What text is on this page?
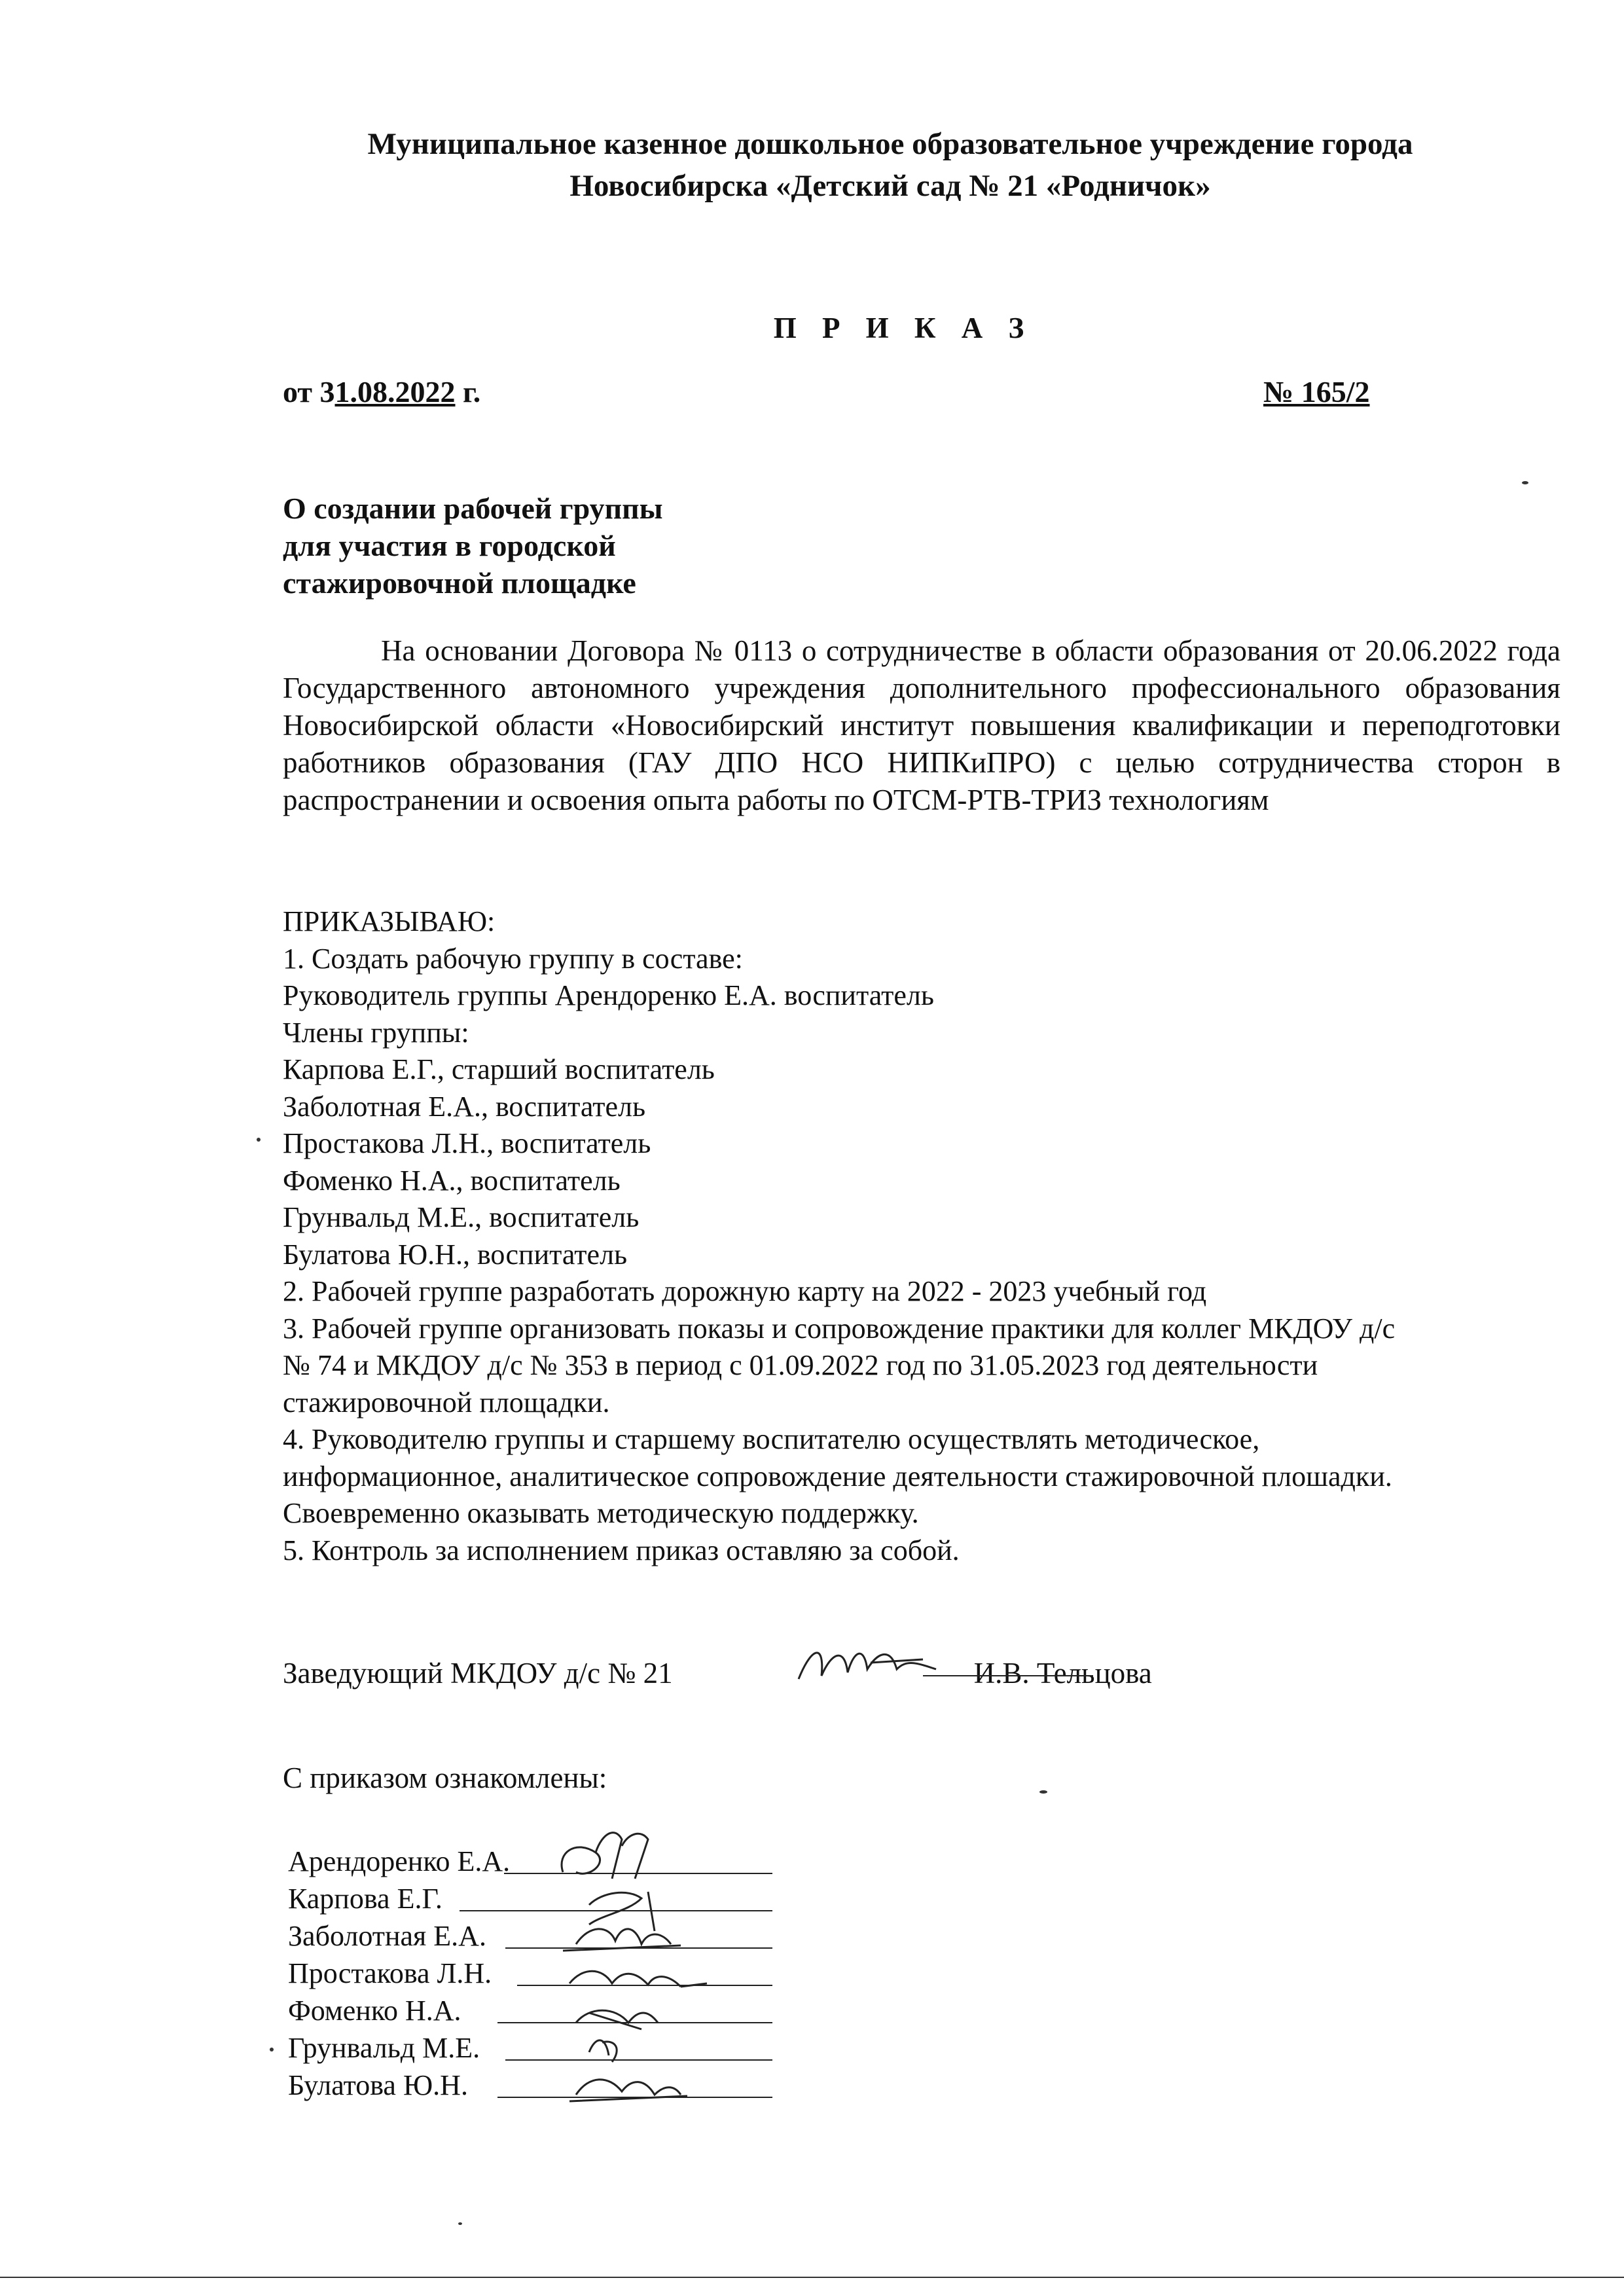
Муниципальное казенное дошкольное образовательное учреждение города
Новосибирска «Детский сад № 21 «Родничок»
П Р И К А З
от 31.08.2022 г.	№ 165/2
О создании рабочей группы
для участия в городской
стажировочной площадке
На основании Договора № 0113 о сотрудничестве в области образования от 20.06.2022 года Государственного автономного учреждения дополнительного профессионального образования Новосибирской области «Новосибирский институт повышения квалификации и переподготовки работников образования (ГАУ ДПО НСО НИПКиПРО) с целью сотрудничества сторон в распространении и освоения опыта работы по ОТСМ-РТВ-ТРИЗ технологиям
ПРИКАЗЫВАЮ:
1. Создать рабочую группу в составе:
Руководитель группы Арендоренко Е.А. воспитатель
Члены группы:
Карпова Е.Г., старший воспитатель
Заболотная Е.А., воспитатель
Простакова Л.Н., воспитатель
Фоменко Н.А., воспитатель
Грунвальд М.Е., воспитатель
Булатова Ю.Н., воспитатель
2. Рабочей группе разработать дорожную карту на 2022 - 2023 учебный год
3. Рабочей группе организовать показы и сопровождение практики для коллег МКДОУ д/с
№ 74 и МКДОУ д/с № 353 в период с 01.09.2022 год по 31.05.2023 год деятельности
стажировочной площадки.
4. Руководителю группы и старшему воспитателю осуществлять методическое,
информационное, аналитическое сопровождение деятельности стажировочной плошадки.
Своевременно оказывать методическую поддержку.
5. Контроль за исполнением приказ оставляю за собой.
Заведующий МКДОУ д/с № 21	И.В. Тельцова
С приказом ознакомлены:
Арендоренко Е.А.
Карпова Е.Г.
Заболотная Е.А.
Простакова Л.Н.
Фоменко Н.А.
Грунвальд М.Е.
Булатова Ю.Н.
